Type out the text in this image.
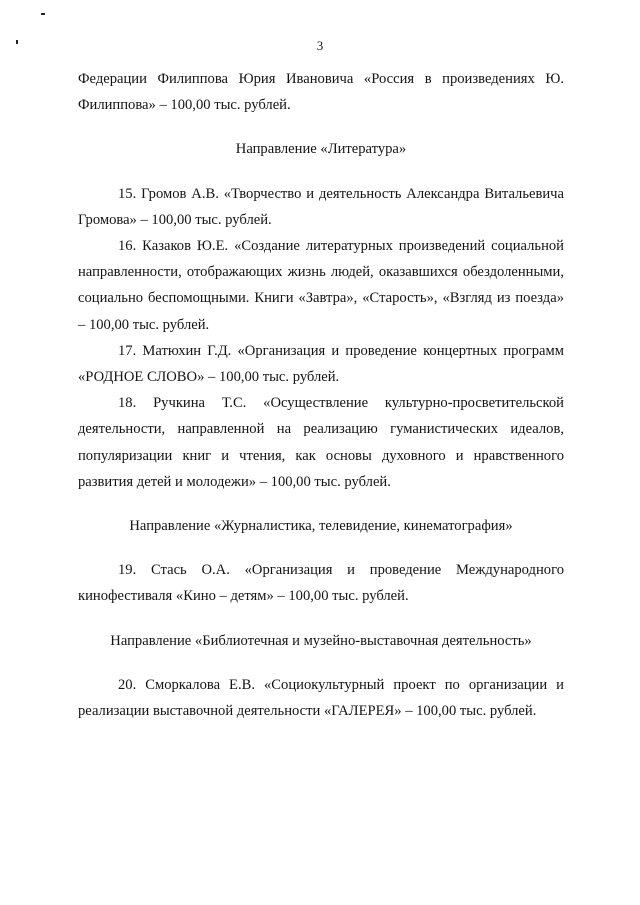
3

Федерации Филиппова Юрия Ивановича «Россия в произведениях Ю. Филиппова» – 100,00 тыс. рублей.

Направление «Литература»

15. Громов А.В. «Творчество и деятельность Александра Витальевича Громова» – 100,00 тыс. рублей.

16. Казаков Ю.Е. «Создание литературных произведений социальной направленности, отображающих жизнь людей, оказавшихся обездоленными, социально беспомощными. Книги «Завтра», «Старость», «Взгляд из поезда» – 100,00 тыс. рублей.

17. Матюхин Г.Д. «Организация и проведение концертных программ «РОДНОЕ СЛОВО» – 100,00 тыс. рублей.

18. Ручкина Т.С. «Осуществление культурно-просветительской деятельности, направленной на реализацию гуманистических идеалов, популяризации книг и чтения, как основы духовного и нравственного развития детей и молодежи» – 100,00 тыс. рублей.

Направление «Журналистика, телевидение, кинематография»

19. Стась О.А. «Организация и проведение Международного кинофестиваля «Кино – детям» – 100,00 тыс. рублей.

Направление «Библиотечная и музейно-выставочная деятельность»

20. Сморкалова Е.В. «Социокультурный проект по организации и реализации выставочной деятельности «ГАЛЕРЕЯ» – 100,00 тыс. рублей.
